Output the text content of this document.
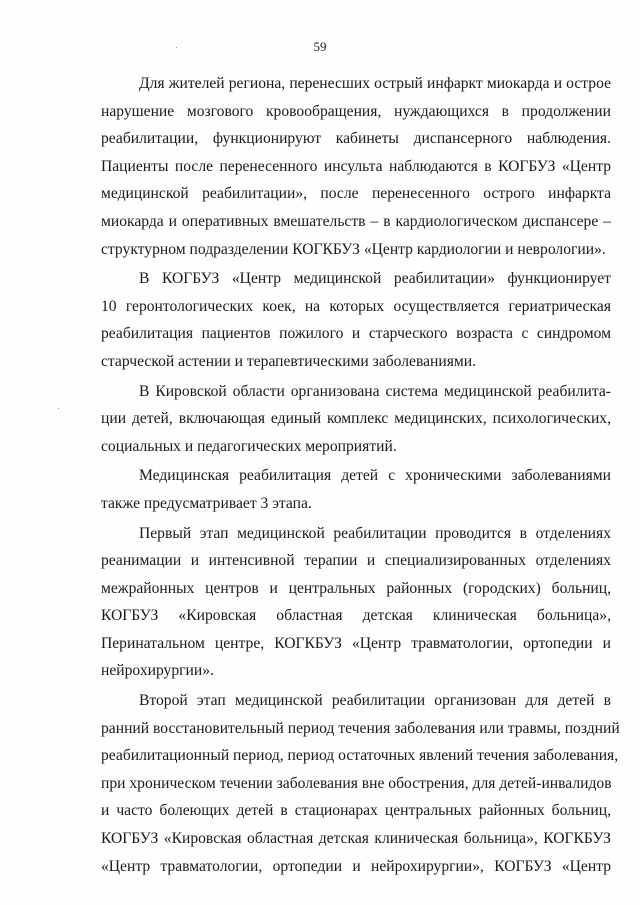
59
Для жителей региона, перенесших острый инфаркт миокарда и острое
нарушение мозгового кровообращения, нуждающихся в продолжении
реабилитации, функционируют кабинеты диспансерного наблюдения.
Пациенты после перенесенного инсульта наблюдаются в КОГБУЗ «Центр
медицинской реабилитации», после перенесенного острого инфаркта
миокарда и оперативных вмешательств – в кардиологическом диспансере –
структурном подразделении КОГКБУЗ «Центр кардиологии и неврологии».
В КОГБУЗ «Центр медицинской реабилитации» функционирует
10 геронтологических коек, на которых осуществляется гериатрическая
реабилитация пациентов пожилого и старческого возраста с синдромом
старческой астении и терапевтическими заболеваниями.
В Кировской области организована система медицинской реабилита-
ции детей, включающая единый комплекс медицинских, психологических,
социальных и педагогических мероприятий.
Медицинская реабилитация детей с хроническими заболеваниями
также предусматривает 3 этапа.
Первый этап медицинской реабилитации проводится в отделениях
реанимации и интенсивной терапии и специализированных отделениях
межрайонных центров и центральных районных (городских) больниц,
КОГБУЗ «Кировская областная детская клиническая больница»,
Перинатальном центре, КОГКБУЗ «Центр травматологии, ортопедии и
нейрохирургии».
Второй этап медицинской реабилитации организован для детей в
ранний восстановительный период течения заболевания или травмы, поздний
реабилитационный период, период остаточных явлений течения заболевания,
при хроническом течении заболевания вне обострения, для детей-инвалидов
и часто болеющих детей в стационарах центральных районных больниц,
КОГБУЗ «Кировская областная детская клиническая больница», КОГКБУЗ
«Центр травматологии, ортопедии и нейрохирургии», КОГБУЗ «Центр
